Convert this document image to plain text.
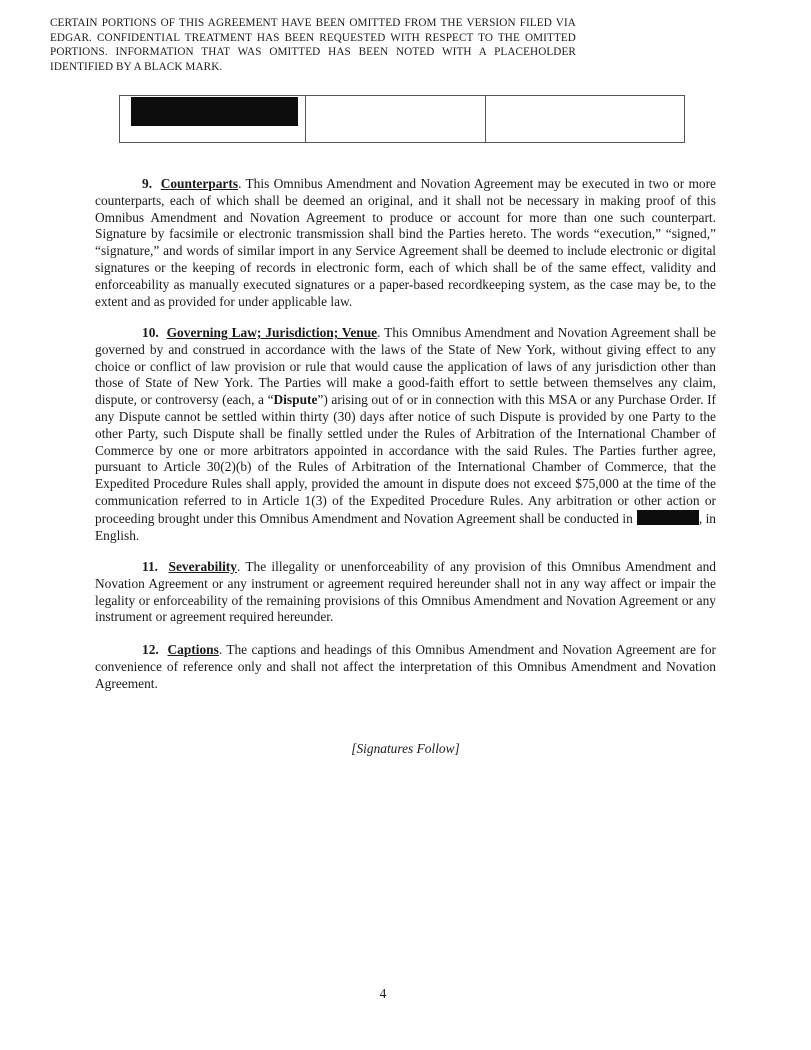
CERTAIN PORTIONS OF THIS AGREEMENT HAVE BEEN OMITTED FROM THE VERSION FILED VIA EDGAR. CONFIDENTIAL TREATMENT HAS BEEN REQUESTED WITH RESPECT TO THE OMITTED PORTIONS. INFORMATION THAT WAS OMITTED HAS BEEN NOTED WITH A PLACEHOLDER IDENTIFIED BY A BLACK MARK.

9. Counterparts. This Omnibus Amendment and Novation Agreement may be executed in two or more counterparts, each of which shall be deemed an original, and it shall not be necessary in making proof of this Omnibus Amendment and Novation Agreement to produce or account for more than one such counterpart. Signature by facsimile or electronic transmission shall bind the Parties hereto. The words “execution,” “signed,” “signature,” and words of similar import in any Service Agreement shall be deemed to include electronic or digital signatures or the keeping of records in electronic form, each of which shall be of the same effect, validity and enforceability as manually executed signatures or a paper-based recordkeeping system, as the case may be, to the extent and as provided for under applicable law.

10. Governing Law; Jurisdiction; Venue. This Omnibus Amendment and Novation Agreement shall be governed by and construed in accordance with the laws of the State of New York, without giving effect to any choice or conflict of law provision or rule that would cause the application of laws of any jurisdiction other than those of State of New York. The Parties will make a good-faith effort to settle between themselves any claim, dispute, or controversy (each, a “Dispute”) arising out of or in connection with this MSA or any Purchase Order. If any Dispute cannot be settled within thirty (30) days after notice of such Dispute is provided by one Party to the other Party, such Dispute shall be finally settled under the Rules of Arbitration of the International Chamber of Commerce by one or more arbitrators appointed in accordance with the said Rules. The Parties further agree, pursuant to Article 30(2)(b) of the Rules of Arbitration of the International Chamber of Commerce, that the Expedited Procedure Rules shall apply, provided the amount in dispute does not exceed $75,000 at the time of the communication referred to in Article 1(3) of the Expedited Procedure Rules. Any arbitration or other action or proceeding brought under this Omnibus Amendment and Novation Agreement shall be conducted in	, in English.

11. Severability. The illegality or unenforceability of any provision of this Omnibus Amendment and Novation Agreement or any instrument or agreement required hereunder shall not in any way affect or impair the legality or enforceability of the remaining provisions of this Omnibus Amendment and Novation Agreement or any instrument or agreement required hereunder.

12. Captions. The captions and headings of this Omnibus Amendment and Novation Agreement are for convenience of reference only and shall not affect the interpretation of this Omnibus Amendment and Novation Agreement.

[Signatures Follow]
4
